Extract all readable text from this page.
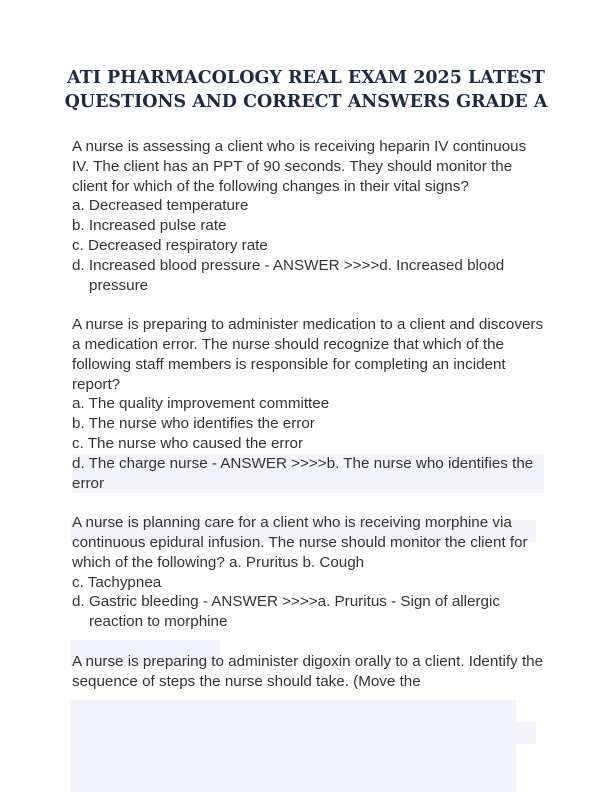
ATI PHARMACOLOGY REAL EXAM 2025 LATEST
QUESTIONS AND CORRECT ANSWERS GRADE A

A nurse is assessing a client who is receiving heparin IV continuous IV. The client has an PPT of 90 seconds. They should monitor the client for which of the following changes in their vital signs?

a. Decreased temperature

b. Increased pulse rate

c. Decreased respiratory rate

d. Increased blood pressure - ANSWER >>>>d. Increased blood pressure

A nurse is preparing to administer medication to a client and discovers a medication error. The nurse should recognize that which of the following staff members is responsible for completing an incident report?

a. The quality improvement committee

b. The nurse who identifies the error

c. The nurse who caused the error

d. The charge nurse - ANSWER >>>>b. The nurse who identifies the error

A nurse is planning care for a client who is receiving morphine via continuous epidural infusion. The nurse should monitor the client for which of the following? a. Pruritus b. Cough

c. Tachypnea

d. Gastric bleeding - ANSWER >>>>a. Pruritus - Sign of allergic reaction to morphine

A nurse is preparing to administer digoxin orally to a client. Identify the sequence of steps the nurse should take. (Move the
